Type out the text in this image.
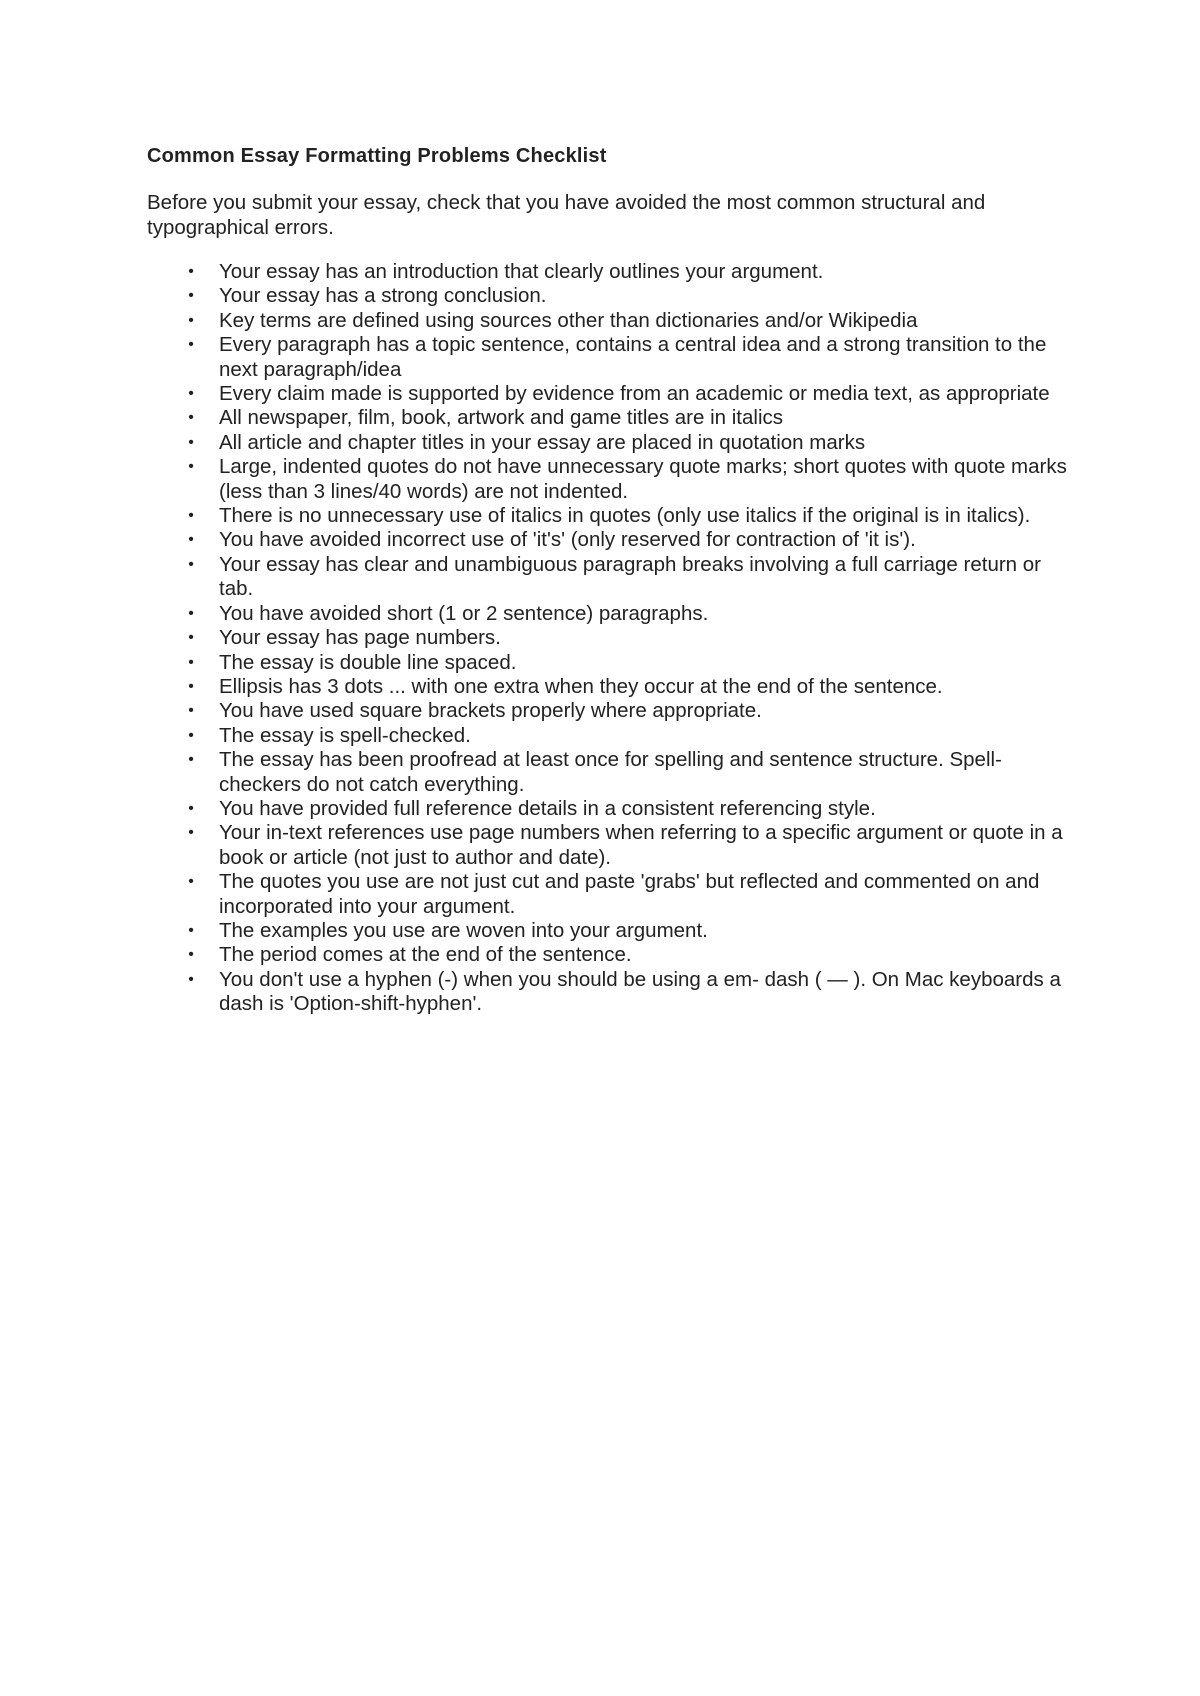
Common Essay Formatting Problems Checklist
Before you submit your essay, check that you have avoided the most common structural and typographical errors.
• Your essay has an introduction that clearly outlines your argument.
• Your essay has a strong conclusion.
• Key terms are defined using sources other than dictionaries and/or Wikipedia
• Every paragraph has a topic sentence, contains a central idea and a strong transition to the next paragraph/idea
• Every claim made is supported by evidence from an academic or media text, as appropriate
• All newspaper, film, book, artwork and game titles are in italics
• All article and chapter titles in your essay are placed in quotation marks
• Large, indented quotes do not have unnecessary quote marks; short quotes with quote marks (less than 3 lines/40 words) are not indented.
• There is no unnecessary use of italics in quotes (only use italics if the original is in italics).
• You have avoided incorrect use of 'it's' (only reserved for contraction of 'it is').
• Your essay has clear and unambiguous paragraph breaks involving a full carriage return or tab.
• You have avoided short (1 or 2 sentence) paragraphs.
• Your essay has page numbers.
• The essay is double line spaced.
• Ellipsis has 3 dots ... with one extra when they occur at the end of the sentence.
• You have used square brackets properly where appropriate.
• The essay is spell-checked.
• The essay has been proofread at least once for spelling and sentence structure. Spell-checkers do not catch everything.
• You have provided full reference details in a consistent referencing style.
• Your in-text references use page numbers when referring to a specific argument or quote in a book or article (not just to author and date).
• The quotes you use are not just cut and paste 'grabs' but reflected and commented on and incorporated into your argument.
• The examples you use are woven into your argument.
• The period comes at the end of the sentence.
• You don't use a hyphen (-) when you should be using a em- dash ( — ). On Mac keyboards a dash is 'Option-shift-hyphen'.
